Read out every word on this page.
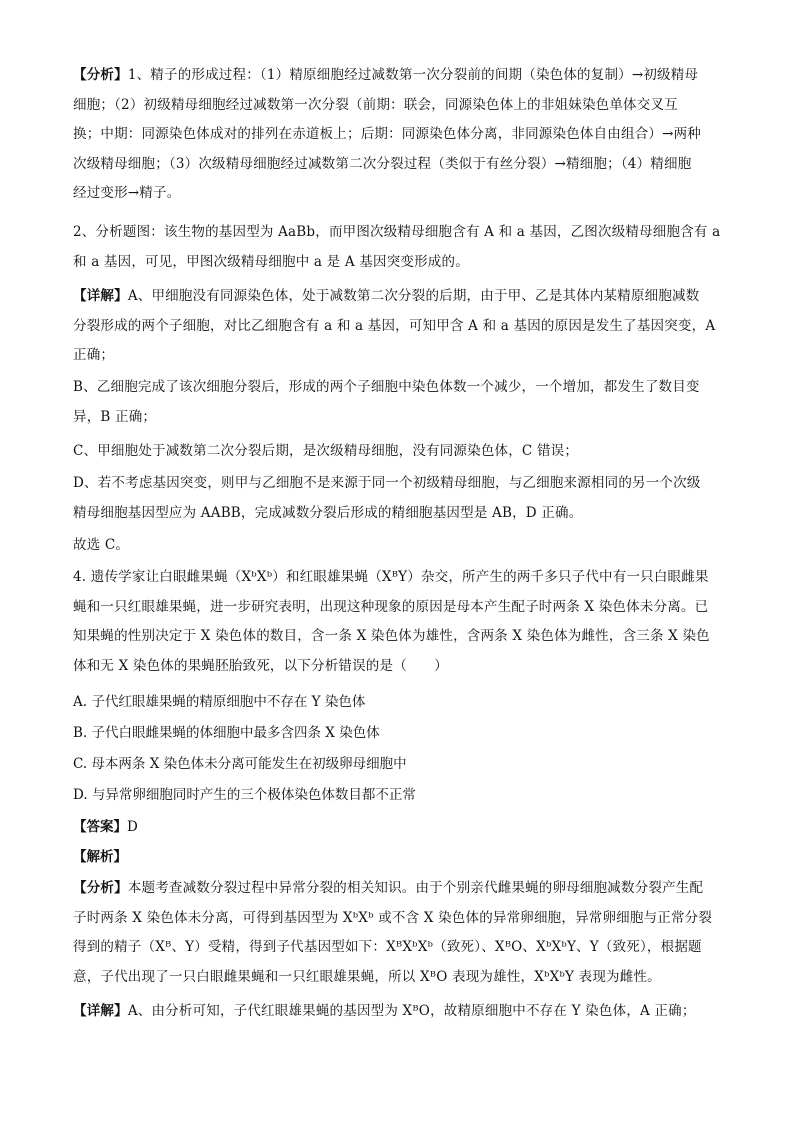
【分析】1、精子的形成过程：（1）精原细胞经过减数第一次分裂前的间期（染色体的复制）→初级精母
细胞；（2）初级精母细胞经过减数第一次分裂（前期：联会，同源染色体上的非姐妹染色单体交叉互
换；中期：同源染色体成对的排列在赤道板上；后期：同源染色体分离，非同源染色体自由组合）→两种
次级精母细胞；（3）次级精母细胞经过减数第二次分裂过程（类似于有丝分裂）→精细胞；（4）精细胞
经过变形→精子。
2、分析题图：该生物的基因型为 AaBb，而甲图次级精母细胞含有 A 和 a 基因，乙图次级精母细胞含有 a
和 a 基因，可见，甲图次级精母细胞中 a 是 A 基因突变形成的。
【详解】A、甲细胞没有同源染色体，处于减数第二次分裂的后期，由于甲、乙是其体内某精原细胞减数
分裂形成的两个子细胞，对比乙细胞含有 a 和 a 基因，可知甲含 A 和 a 基因的原因是发生了基因突变，A
正确；
B、乙细胞完成了该次细胞分裂后，形成的两个子细胞中染色体数一个减少，一个增加，都发生了数目变
异，B 正确；
C、甲细胞处于减数第二次分裂后期，是次级精母细胞，没有同源染色体，C 错误；
D、若不考虑基因突变，则甲与乙细胞不是来源于同一个初级精母细胞，与乙细胞来源相同的另一个次级
精母细胞基因型应为 AABB，完成减数分裂后形成的精细胞基因型是 AB，D 正确。
故选 C。
4. 遗传学家让白眼雌果蝇（XᵇXᵇ）和红眼雄果蝇（XᴮY）杂交，所产生的两千多只子代中有一只白眼雌果
蝇和一只红眼雄果蝇，进一步研究表明，出现这种现象的原因是母本产生配子时两条 X 染色体未分离。已
知果蝇的性别决定于 X 染色体的数目，含一条 X 染色体为雄性，含两条 X 染色体为雌性，含三条 X 染色
体和无 X 染色体的果蝇胚胎致死，以下分析错误的是（　　）
A. 子代红眼雄果蝇的精原细胞中不存在 Y 染色体
B. 子代白眼雌果蝇的体细胞中最多含四条 X 染色体
C. 母本两条 X 染色体未分离可能发生在初级卵母细胞中
D. 与异常卵细胞同时产生的三个极体染色体数目都不正常
【答案】D
【解析】
【分析】本题考查减数分裂过程中异常分裂的相关知识。由于个别亲代雌果蝇的卵母细胞减数分裂产生配
子时两条 X 染色体未分离，可得到基因型为 XᵇXᵇ 或不含 X 染色体的异常卵细胞，异常卵细胞与正常分裂
得到的精子（Xᴮ、Y）受精，得到子代基因型如下：XᴮXᵇXᵇ（致死）、XᴮO、XᵇXᵇY、Y（致死），根据题
意，子代出现了一只白眼雌果蝇和一只红眼雄果蝇，所以 XᴮO 表现为雄性，XᵇXᵇY 表现为雌性。
【详解】A、由分析可知，子代红眼雄果蝇的基因型为 XᴮO，故精原细胞中不存在 Y 染色体，A 正确；
